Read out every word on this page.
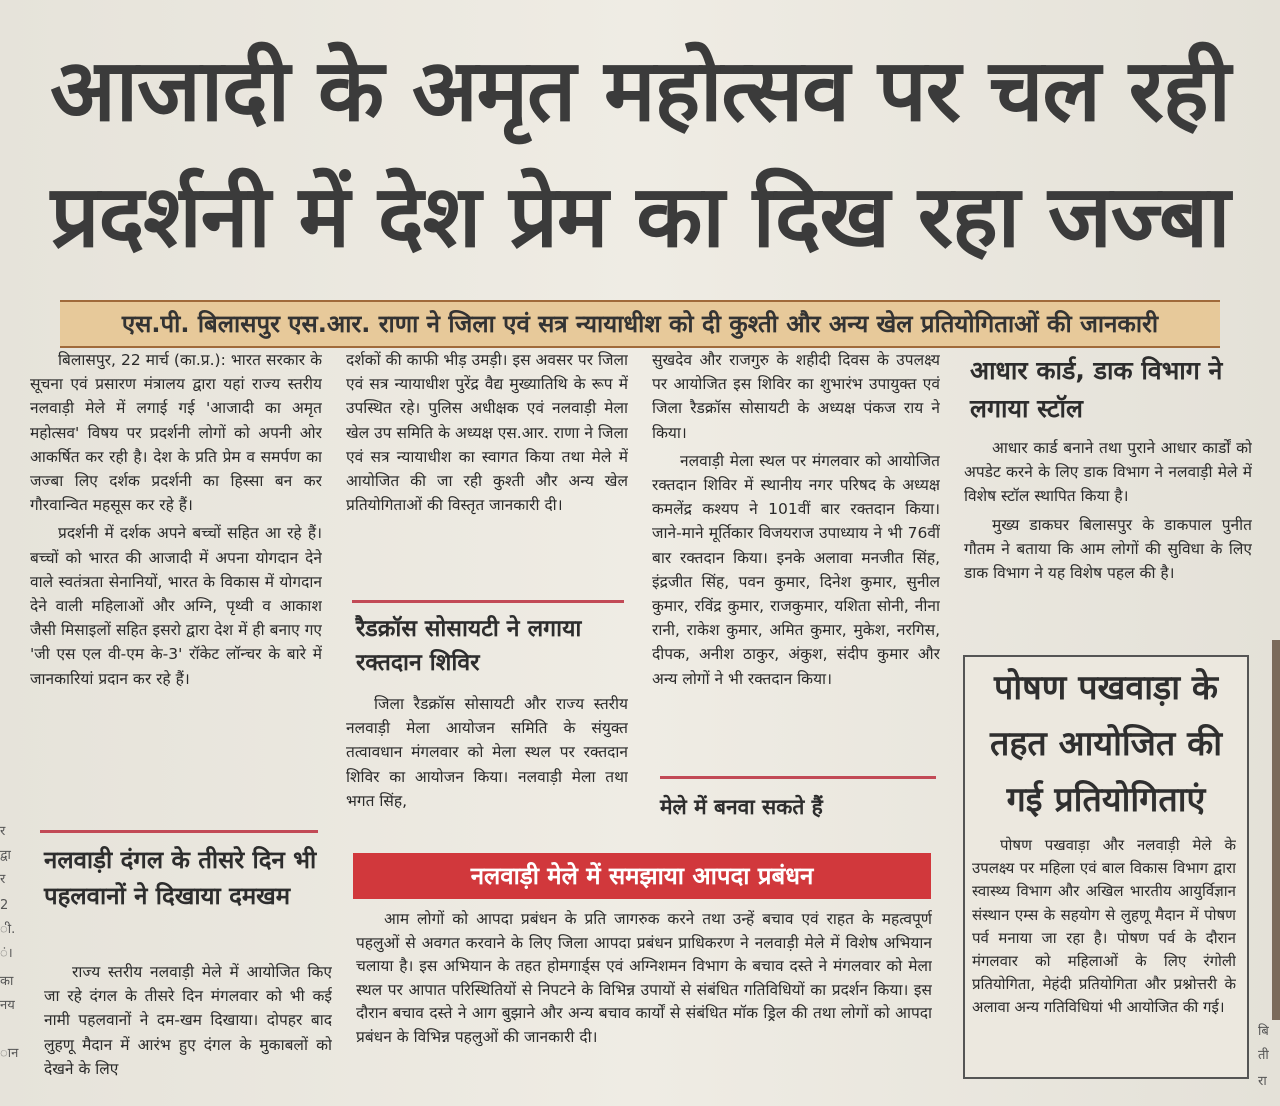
आजादी के अमृत महोत्सव पर चल रही
प्रदर्शनी में देश प्रेम का दिख रहा जज्बा
एस.पी. बिलासपुर एस.आर. राणा ने जिला एवं सत्र न्यायाधीश को दी कुश्ती और अन्य खेल प्रतियोगिताओं की जानकारी

बिलासपुर, 22 मार्च (का.प्र.): भारत सरकार के सूचना एवं प्रसारण मंत्रालय द्वारा यहां राज्य स्तरीय नलवाड़ी मेले में लगाई गई 'आजादी का अमृत महोत्सव' विषय पर प्रदर्शनी लोगों को अपनी ओर आकर्षित कर रही है। देश के प्रति प्रेम व समर्पण का जज्बा लिए दर्शक प्रदर्शनी का हिस्सा बन कर गौरवान्वित महसूस कर रहे हैं।

प्रदर्शनी में दर्शक अपने बच्चों सहित आ रहे हैं। बच्चों को भारत की आजादी में अपना योगदान देने वाले स्वतंत्रता सेनानियों, भारत के विकास में योगदान देने वाली महिलाओं और अग्नि, पृथ्वी व आकाश जैसी मिसाइलों सहित इसरो द्वारा देश में ही बनाए गए 'जी एस एल वी-एम के-3' रॉकेट लॉन्चर के बारे में जानकारियां प्रदान कर रहे हैं।

नलवाड़ी दंगल के तीसरे दिन भी पहलवानों ने दिखाया दमखम

राज्य स्तरीय नलवाड़ी मेले में आयोजित किए जा रहे दंगल के तीसरे दिन मंगलवार को भी कई नामी पहलवानों ने दम-खम दिखाया। दोपहर बाद लुहणू मैदान में आरंभ हुए दंगल के मुकाबलों को देखने के लिए

दर्शकों की काफी भीड़ उमड़ी। इस अवसर पर जिला एवं सत्र न्यायाधीश पुरेंद्र वैद्य मुख्यातिथि के रूप में उपस्थित रहे। पुलिस अधीक्षक एवं नलवाड़ी मेला खेल उप समिति के अध्यक्ष एस.आर. राणा ने जिला एवं सत्र न्यायाधीश का स्वागत किया तथा मेले में आयोजित की जा रही कुश्ती और अन्य खेल प्रतियोगिताओं की विस्तृत जानकारी दी।

रैडक्रॉस सोसायटी ने लगाया रक्तदान शिविर

जिला रैडक्रॉस सोसायटी और राज्य स्तरीय नलवाड़ी मेला आयोजन समिति के संयुक्त तत्वावधान मंगलवार को मेला स्थल पर रक्तदान शिविर का आयोजन किया। नलवाड़ी मेला तथा भगत सिंह,

सुखदेव और राजगुरु के शहीदी दिवस के उपलक्ष्य पर आयोजित इस शिविर का शुभारंभ उपायुक्त एवं जिला रैडक्रॉस सोसायटी के अध्यक्ष पंकज राय ने किया।

नलवाड़ी मेला स्थल पर मंगलवार को आयोजित रक्तदान शिविर में स्थानीय नगर परिषद के अध्यक्ष कमलेंद्र कश्यप ने 101वीं बार रक्तदान किया। जाने-माने मूर्तिकार विजयराज उपाध्याय ने भी 76वीं बार रक्तदान किया। इनके अलावा मनजीत सिंह, इंद्रजीत सिंह, पवन कुमार, दिनेश कुमार, सुनील कुमार, रविंद्र कुमार, राजकुमार, यशिता सोनी, नीना रानी, राकेश कुमार, अमित कुमार, मुकेश, नरगिस, दीपक, अनीश ठाकुर, अंकुश, संदीप कुमार और अन्य लोगों ने भी रक्तदान किया।

मेले में बनवा सकते हैं
नलवाड़ी मेले में समझाया आपदा प्रबंधन

आम लोगों को आपदा प्रबंधन के प्रति जागरुक करने तथा उन्हें बचाव एवं राहत के महत्वपूर्ण पहलुओं से अवगत करवाने के लिए जिला आपदा प्रबंधन प्राधिकरण ने नलवाड़ी मेले में विशेष अभियान चलाया है। इस अभियान के तहत होमगार्ड्स एवं अग्निशमन विभाग के बचाव दस्ते ने मंगलवार को मेला स्थल पर आपात परिस्थितियों से निपटने के विभिन्न उपायों से संबंधित गतिविधियों का प्रदर्शन किया। इस दौरान बचाव दस्ते ने आग बुझाने और अन्य बचाव कार्यों से संबंधित मॉक ड्रिल की तथा लोगों को आपदा प्रबंधन के विभिन्न पहलुओं की जानकारी दी।

आधार कार्ड, डाक विभाग ने लगाया स्टॉल

आधार कार्ड बनाने तथा पुराने आधार कार्डों को अपडेट करने के लिए डाक विभाग ने नलवाड़ी मेले में विशेष स्टॉल स्थापित किया है।

मुख्य डाकघर बिलासपुर के डाकपाल पुनीत गौतम ने बताया कि आम लोगों की सुविधा के लिए डाक विभाग ने यह विशेष पहल की है।

पोषण पखवाड़ा के तहत आयोजित की गई प्रतियोगिताएं

पोषण पखवाड़ा और नलवाड़ी मेले के उपलक्ष्य पर महिला एवं बाल विकास विभाग द्वारा स्वास्थ्य विभाग और अखिल भारतीय आयुर्विज्ञान संस्थान एम्स के सहयोग से लुहणू मैदान में पोषण पर्व मनाया जा रहा है। पोषण पर्व के दौरान मंगलवार को महिलाओं के लिए रंगोली प्रतियोगिता, मेहंदी प्रतियोगिता और प्रश्नोत्तरी के अलावा अन्य गतिविधियां भी आयोजित की गई।

र
द्वा
र
2
ी.
ं।
का
नय
ान
बि
ती
रा
